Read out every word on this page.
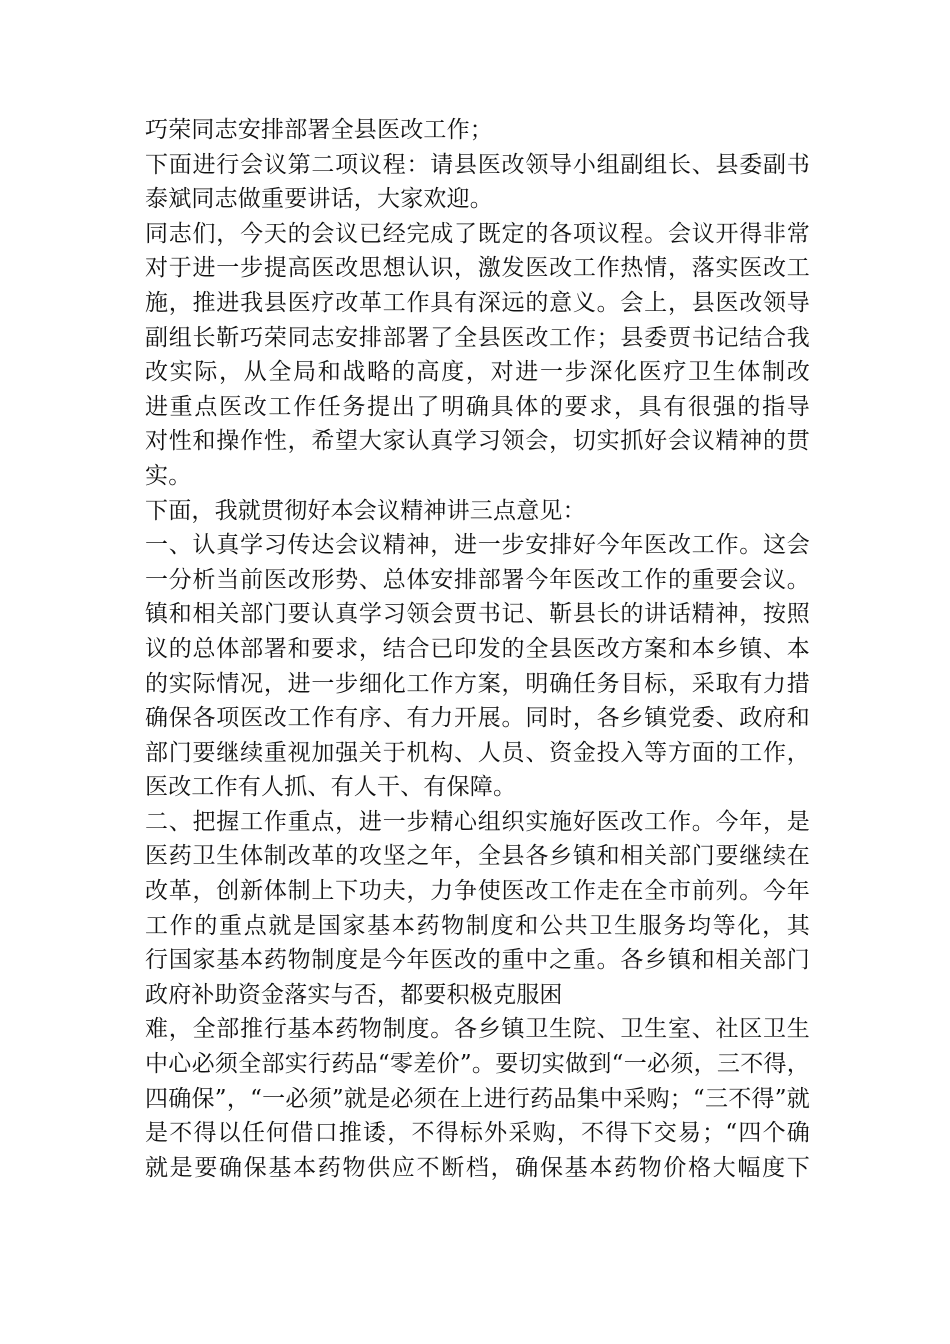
巧荣同志安排部署全县医改工作；
下面进行会议第二项议程：请县医改领导小组副组长、县委副书
泰斌同志做重要讲话，大家欢迎。
同志们，今天的会议已经完成了既定的各项议程。会议开得非常
对于进一步提高医改思想认识，激发医改工作热情，落实医改工
施，推进我县医疗改革工作具有深远的意义。会上，县医改领导
副组长靳巧荣同志安排部署了全县医改工作；县委贾书记结合我
改实际，从全局和战略的高度，对进一步深化医疗卫生体制改
进重点医改工作任务提出了明确具体的要求，具有很强的指导
对性和操作性，希望大家认真学习领会，切实抓好会议精神的贯
实。
下面，我就贯彻好本会议精神讲三点意见：
一、认真学习传达会议精神，进一步安排好今年医改工作。这会
一分析当前医改形势、总体安排部署今年医改工作的重要会议。
镇和相关部门要认真学习领会贾书记、靳县长的讲话精神，按照
议的总体部署和要求，结合已印发的全县医改方案和本乡镇、本
的实际情况，进一步细化工作方案，明确任务目标，采取有力措
确保各项医改工作有序、有力开展。同时，各乡镇党委、政府和
部门要继续重视加强关于机构、人员、资金投入等方面的工作，
医改工作有人抓、有人干、有保障。
二、把握工作重点，进一步精心组织实施好医改工作。今年，是
医药卫生体制改革的攻坚之年，全县各乡镇和相关部门要继续在
改革，创新体制上下功夫，力争使医改工作走在全市前列。今年
工作的重点就是国家基本药物制度和公共卫生服务均等化，其
行国家基本药物制度是今年医改的重中之重。各乡镇和相关部门
政府补助资金落实与否，都要积极克服困
难，全部推行基本药物制度。各乡镇卫生院、卫生室、社区卫生
中心必须全部实行药品“零差价”。要切实做到“一必须，三不得，
四确保”，“一必须”就是必须在上进行药品集中采购；“三不得”就
是不得以任何借口推诿，不得标外采购，不得下交易；“四个确
就是要确保基本药物供应不断档，确保基本药物价格大幅度下
